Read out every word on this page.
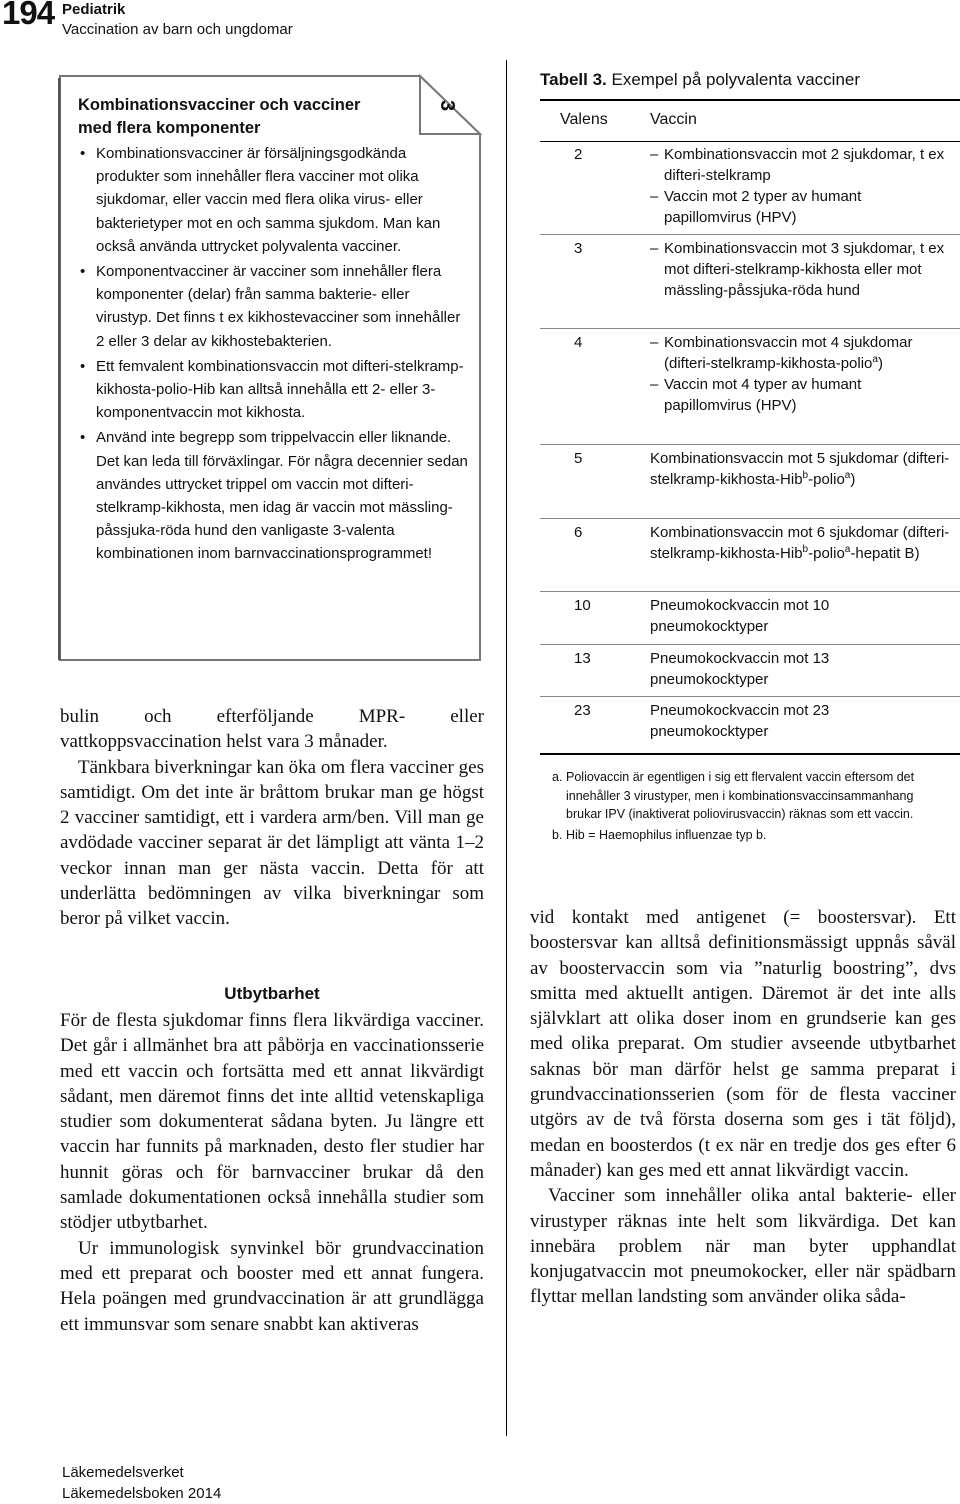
194 Pediatrik
Vaccination av barn och ungdomar
3
Kombinationsvacciner och vacciner
med flera komponenter
• Kombinationsvacciner är försäljningsgodkända produkter som innehåller flera vacciner mot olika sjukdomar, eller vaccin med flera olika virus- eller bakterietyper mot en och samma sjukdom. Man kan också använda uttrycket polyvalenta vacciner.
• Komponentvacciner är vacciner som innehåller flera komponenter (delar) från samma bakterie- eller virustyp. Det finns t ex kikhostevacciner som innehåller 2 eller 3 delar av kikhostebakterien.
• Ett femvalent kombinationsvaccin mot difteri-stelkramp-kikhosta-polio-Hib kan alltså innehålla ett 2- eller 3-komponentvaccin mot kikhosta.
• Använd inte begrepp som trippelvaccin eller liknande. Det kan leda till förväxlingar. För några decennier sedan användes uttrycket trippel om vaccin mot difteri-stelkramp-kikhosta, men idag är vaccin mot mässling-påssjuka-röda hund den vanligaste 3-valenta kombinationen inom barnvaccinationsprogrammet!

bulin och efterföljande MPR- eller vattkoppsvaccination helst vara 3 månader.

Tänkbara biverkningar kan öka om flera vacciner ges samtidigt. Om det inte är bråttom brukar man ge högst 2 vacciner samtidigt, ett i vardera arm/ben. Vill man ge avdödade vacciner separat är det lämpligt att vänta 1–2 veckor innan man ger nästa vaccin. Detta för att underlätta bedömningen av vilka biverkningar som beror på vilket vaccin.

Utbytbarhet

För de flesta sjukdomar finns flera likvärdiga vacciner. Det går i allmänhet bra att påbörja en vaccinationsserie med ett vaccin och fortsätta med ett annat likvärdigt sådant, men däremot finns det inte alltid vetenskapliga studier som dokumenterat sådana byten. Ju längre ett vaccin har funnits på marknaden, desto fler studier har hunnit göras och för barnvacciner brukar då den samlade dokumentationen också innehålla studier som stödjer utbytbarhet.

Ur immunologisk synvinkel bör grundvaccination med ett preparat och booster med ett annat fungera. Hela poängen med grundvaccination är att grundlägga ett immunsvar som senare snabbt kan aktiveras

Tabell 3. Exempel på polyvalenta vacciner
Valens	Vaccin
2	– Kombinationsvaccin mot 2 sjukdomar, t ex difteri-stelkramp
– Vaccin mot 2 typer av humant papillomvirus (HPV)
3	– Kombinationsvaccin mot 3 sjukdomar, t ex mot difteri-stelkramp-kikhosta eller mot mässling-påssjuka-röda hund
4	– Kombinationsvaccin mot 4 sjukdomar (difteri-stelkramp-kikhosta-polio$^a$)
– Vaccin mot 4 typer av humant papillomvirus (HPV)
5	Kombinationsvaccin mot 5 sjukdomar (difteri-stelkramp-kikhosta-Hib$^b$-polio$^a$)
6	Kombinationsvaccin mot 6 sjukdomar (difteri-stelkramp-kikhosta-Hib$^b$-polio$^a$-hepatit B)
10	Pneumokockvaccin mot 10 pneumokocktyper
13	Pneumokockvaccin mot 13 pneumokocktyper
23	Pneumokockvaccin mot 23 pneumokocktyper
a. Poliovaccin är egentligen i sig ett flervalent vaccin eftersom det innehåller 3 virustyper, men i kombinationsvaccinsammanhang brukar IPV (inaktiverat poliovirusvaccin) räknas som ett vaccin.
b. Hib = Haemophilus influenzae typ b.

vid kontakt med antigenet (= boostersvar). Ett boostersvar kan alltså definitionsmässigt uppnås såväl av boostervaccin som via ”naturlig boostring”, dvs smitta med aktuellt antigen. Däremot är det inte alls självklart att olika doser inom en grundserie kan ges med olika preparat. Om studier avseende utbytbarhet saknas bör man därför helst ge samma preparat i grundvaccinationsserien (som för de flesta vacciner utgörs av de två första doserna som ges i tät följd), medan en boosterdos (t ex när en tredje dos ges efter 6 månader) kan ges med ett annat likvärdigt vaccin.

Vacciner som innehåller olika antal bakterie- eller virustyper räknas inte helt som likvärdiga. Det kan innebära problem när man byter upphandlat konjugatvaccin mot pneumokocker, eller när spädbarn flyttar mellan landsting som använder olika såda-

Läkemedelsverket
Läkemedelsboken 2014
